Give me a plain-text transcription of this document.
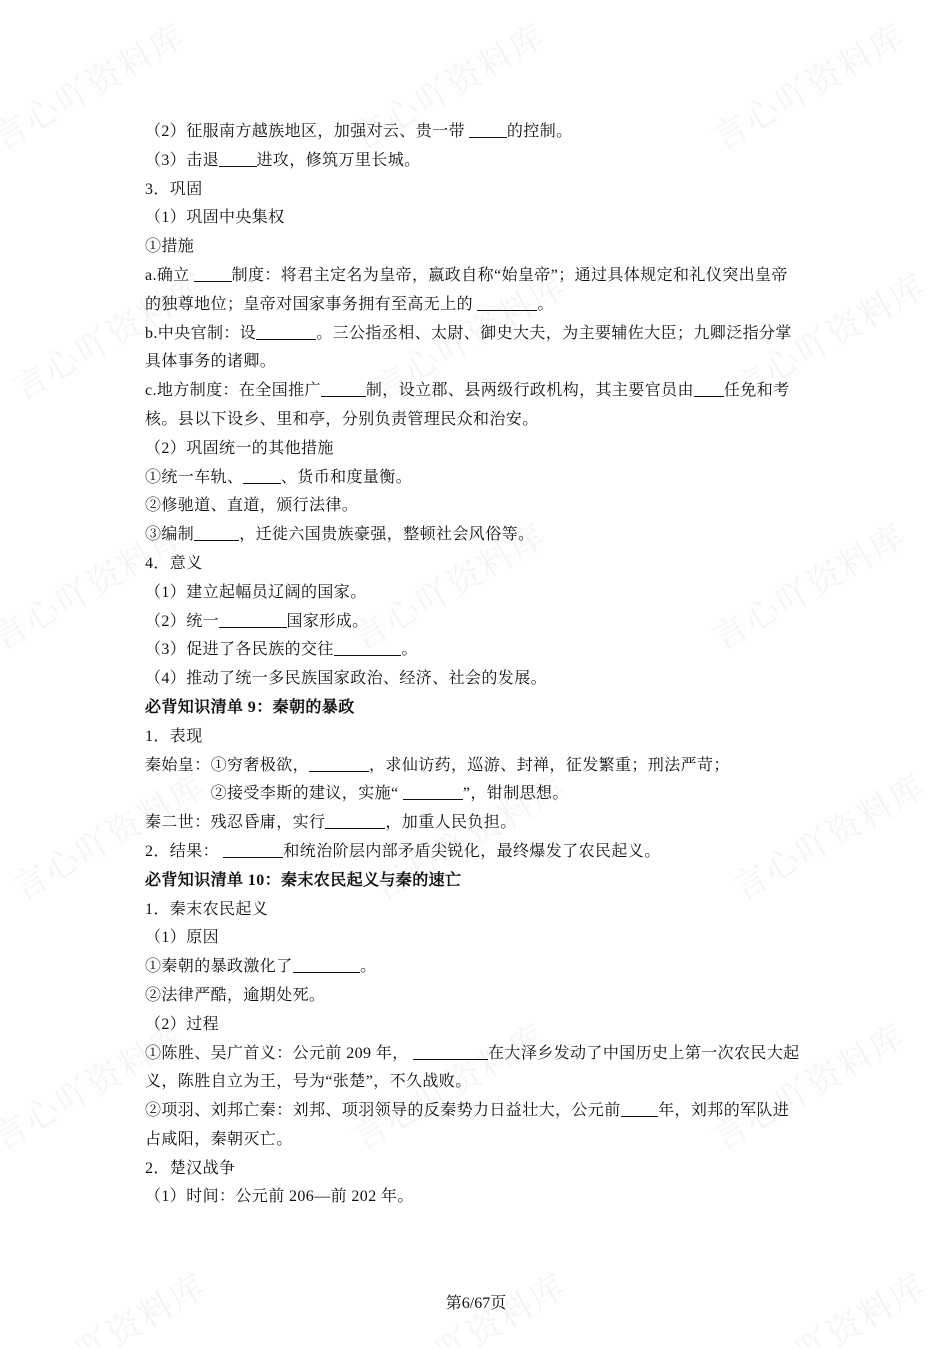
（2）征服南方越族地区，加强对云、贵一带 的控制。
（3）击退 进攻，修筑万里长城。
3．巩固
（1）巩固中央集权
①措施
a.确立 制度：将君主定名为皇帝，嬴政自称“始皇帝”；通过具体规定和礼仪突出皇帝
的独尊地位；皇帝对国家事务拥有至高无上的	。
b.中央官制：设	。三公指丞相、太尉、御史大夫，为主要辅佐大臣；九卿泛指分掌
具体事务的诸卿。
c.地方制度：在全国推广	制，设立郡、县两级行政机构，其主要官员由 任免和考
核。县以下设乡、里和亭，分别负责管理民众和治安。
（2）巩固统一的其他措施
①统一车轨、 、货币和度量衡。
②修驰道、直道，颁行法律。
③编制	，迁徙六国贵族豪强，整顿社会风俗等。
4．意义
（1）建立起幅员辽阔的国家。
（2）统一	国家形成。
（3）促进了各民族的交往	。
（4）推动了统一多民族国家政治、经济、社会的发展。
必背知识清单 9：秦朝的暴政
1．表现
秦始皇：①穷奢极欲，	，求仙访药，巡游、封禅，征发繁重；刑法严苛；
　　　　②接受李斯的建议，实施“	”，钳制思想。
秦二世：残忍昏庸，实行	，加重人民负担。
2．结果：	和统治阶层内部矛盾尖锐化，最终爆发了农民起义。
必背知识清单 10：秦末农民起义与秦的速亡
1．秦末农民起义
（1）原因
①秦朝的暴政激化了	。
②法律严酷，逾期处死。
（2）过程
①陈胜、吴广首义：公元前 209 年，	在大泽乡发动了中国历史上第一次农民大起
义，陈胜自立为王，号为“张楚”，不久战败。
②项羽、刘邦亡秦：刘邦、项羽领导的反秦势力日益壮大，公元前 年，刘邦的军队进
占咸阳，秦朝灭亡。
2．楚汉战争
（1）时间：公元前 206—前 202 年。
第6/67页
